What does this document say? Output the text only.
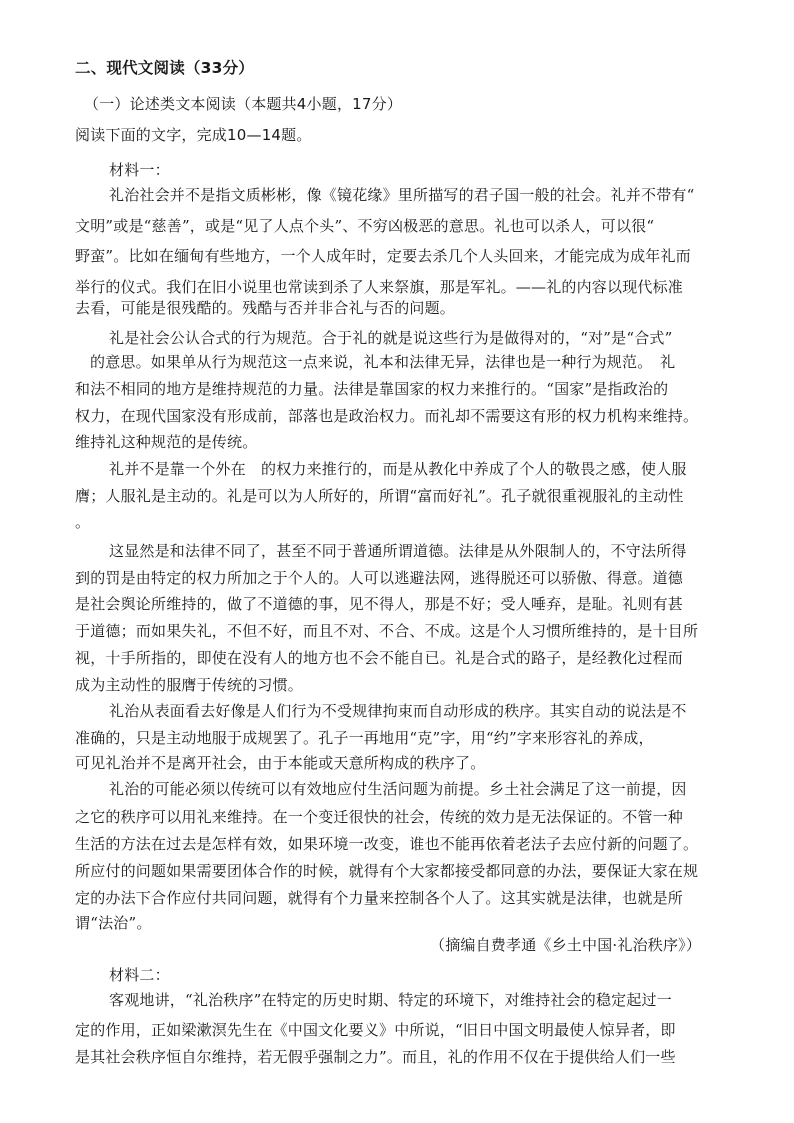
二、现代文阅读（33分）
（一）论述类文本阅读（本题共4小题，17分）
阅读下面的文字，完成10—14题。
材料一：
礼治社会并不是指文质彬彬，像《镜花缘》里所描写的君子国一般的社会。礼并不带有“
文明”或是“慈善”，或是“见了人点个头”、不穷凶极恶的意思。礼也可以杀人，可以很“
野蛮”。比如在缅甸有些地方，一个人成年时，定要去杀几个人头回来，才能完成为成年礼而
举行的仪式。我们在旧小说里也常读到杀了人来祭旗，那是军礼。——礼的内容以现代标准
去看，可能是很残酷的。残酷与否并非合礼与否的问题。
礼是社会公认合式的行为规范。合于礼的就是说这些行为是做得对的，“对”是“合式”
的意思。如果单从行为规范这一点来说，礼本和法律无异，法律也是一种行为规范。　礼
和法不相同的地方是维持规范的力量。法律是靠国家的权力来推行的。“国家”是指政治的
权力，在现代国家没有形成前，部落也是政治权力。而礼却不需要这有形的权力机构来维持。
维持礼这种规范的是传统。
礼并不是靠一个外在　的权力来推行的，而是从教化中养成了个人的敬畏之感，使人服
膺；人服礼是主动的。礼是可以为人所好的，所谓“富而好礼”。孔子就很重视服礼的主动性
。
这显然是和法律不同了，甚至不同于普通所谓道德。法律是从外限制人的，不守法所得
到的罚是由特定的权力所加之于个人的。人可以逃避法网，逃得脱还可以骄傲、得意。道德
是社会舆论所维持的，做了不道德的事，见不得人，那是不好；受人唾弃，是耻。礼则有甚
于道德；而如果失礼，不但不好，而且不对、不合、不成。这是个人习惯所维持的，是十目所
视，十手所指的，即使在没有人的地方也不会不能自已。礼是合式的路子，是经教化过程而
成为主动性的服膺于传统的习惯。
礼治从表面看去好像是人们行为不受规律拘束而自动形成的秩序。其实自动的说法是不
准确的，只是主动地服于成规罢了。孔子一再地用“克”字，用“约”字来形容礼的养成，
可见礼治并不是离开社会，由于本能或天意所构成的秩序了。
礼治的可能必须以传统可以有效地应付生活问题为前提。乡土社会满足了这一前提，因
之它的秩序可以用礼来维持。在一个变迁很快的社会，传统的效力是无法保证的。不管一种
生活的方法在过去是怎样有效，如果环境一改变，谁也不能再依着老法子去应付新的问题了。
所应付的问题如果需要团体合作的时候，就得有个大家都接受都同意的办法，要保证大家在规
定的办法下合作应付共同问题，就得有个力量来控制各个人了。这其实就是法律，也就是所
谓“法治”。
（摘编自费孝通《乡土中国·礼治秩序》）
材料二：
客观地讲，“礼治秩序”在特定的历史时期、特定的环境下，对维持社会的稳定起过一
定的作用，正如梁漱溟先生在《中国文化要义》中所说，“旧日中国文明最使人惊异者，即
是其社会秩序恒自尔维持，若无假乎强制之力”。而且，礼的作用不仅在于提供给人们一些
